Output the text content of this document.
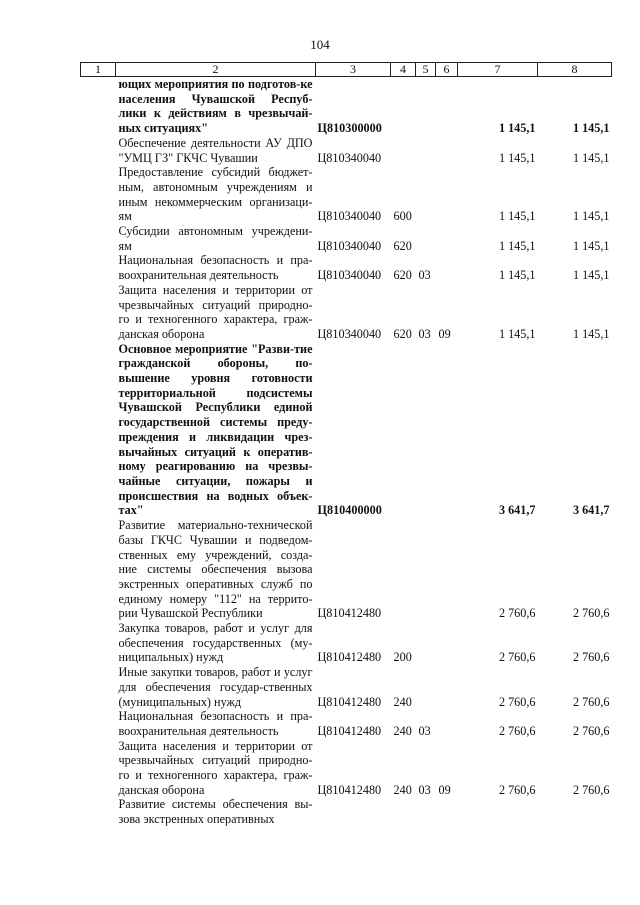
104
1	2	3	4	5	6	7	8
	ющих мероприятия по подготов-ке населения Чувашской Респуб-лики к действиям в чрезвычай-ных ситуациях"	Ц810300000				1 145,1	1 145,1
	Обеспечение деятельности АУ ДПО "УМЦ ГЗ" ГКЧС Чувашии	Ц810340040				1 145,1	1 145,1
	Предоставление субсидий бюджет-ным, автономным учреждениям и иным некоммерческим организаци-ям	Ц810340040	600			1 145,1	1 145,1
	Субсидии автономным учреждени-ям	Ц810340040	620			1 145,1	1 145,1
	Национальная безопасность и пра-воохранительная деятельность	Ц810340040	620	03		1 145,1	1 145,1
	Защита населения и территории от чрезвычайных ситуаций природно-го и техногенного характера, граж-данская оборона	Ц810340040	620	03	09	1 145,1	1 145,1
	Основное мероприятие "Разви-тие гражданской обороны, по-вышение уровня готовности территориальной подсистемы Чувашской Республики единой государственной системы преду-преждения и ликвидации чрез-вычайных ситуаций к оператив-ному реагированию на чрезвы-чайные ситуации, пожары и происшествия на водных объек-тах"	Ц810400000				3 641,7	3 641,7
	Развитие материально-технической базы ГКЧС Чувашии и подведом-ственных ему учреждений, созда-ние системы обеспечения вызова экстренных оперативных служб по единому номеру "112" на террито-рии Чувашской Республики	Ц810412480				2 760,6	2 760,6
	Закупка товаров, работ и услуг для обеспечения государственных (му-ниципальных) нужд	Ц810412480	200			2 760,6	2 760,6
	Иные закупки товаров, работ и услуг для обеспечения государ-ственных (муниципальных) нужд	Ц810412480	240			2 760,6	2 760,6
	Национальная безопасность и пра-воохранительная деятельность	Ц810412480	240	03		2 760,6	2 760,6
	Защита населения и территории от чрезвычайных ситуаций природно-го и техногенного характера, граж-данская оборона	Ц810412480	240	03	09	2 760,6	2 760,6
	Развитие системы обеспечения вы-зова экстренных оперативных						
